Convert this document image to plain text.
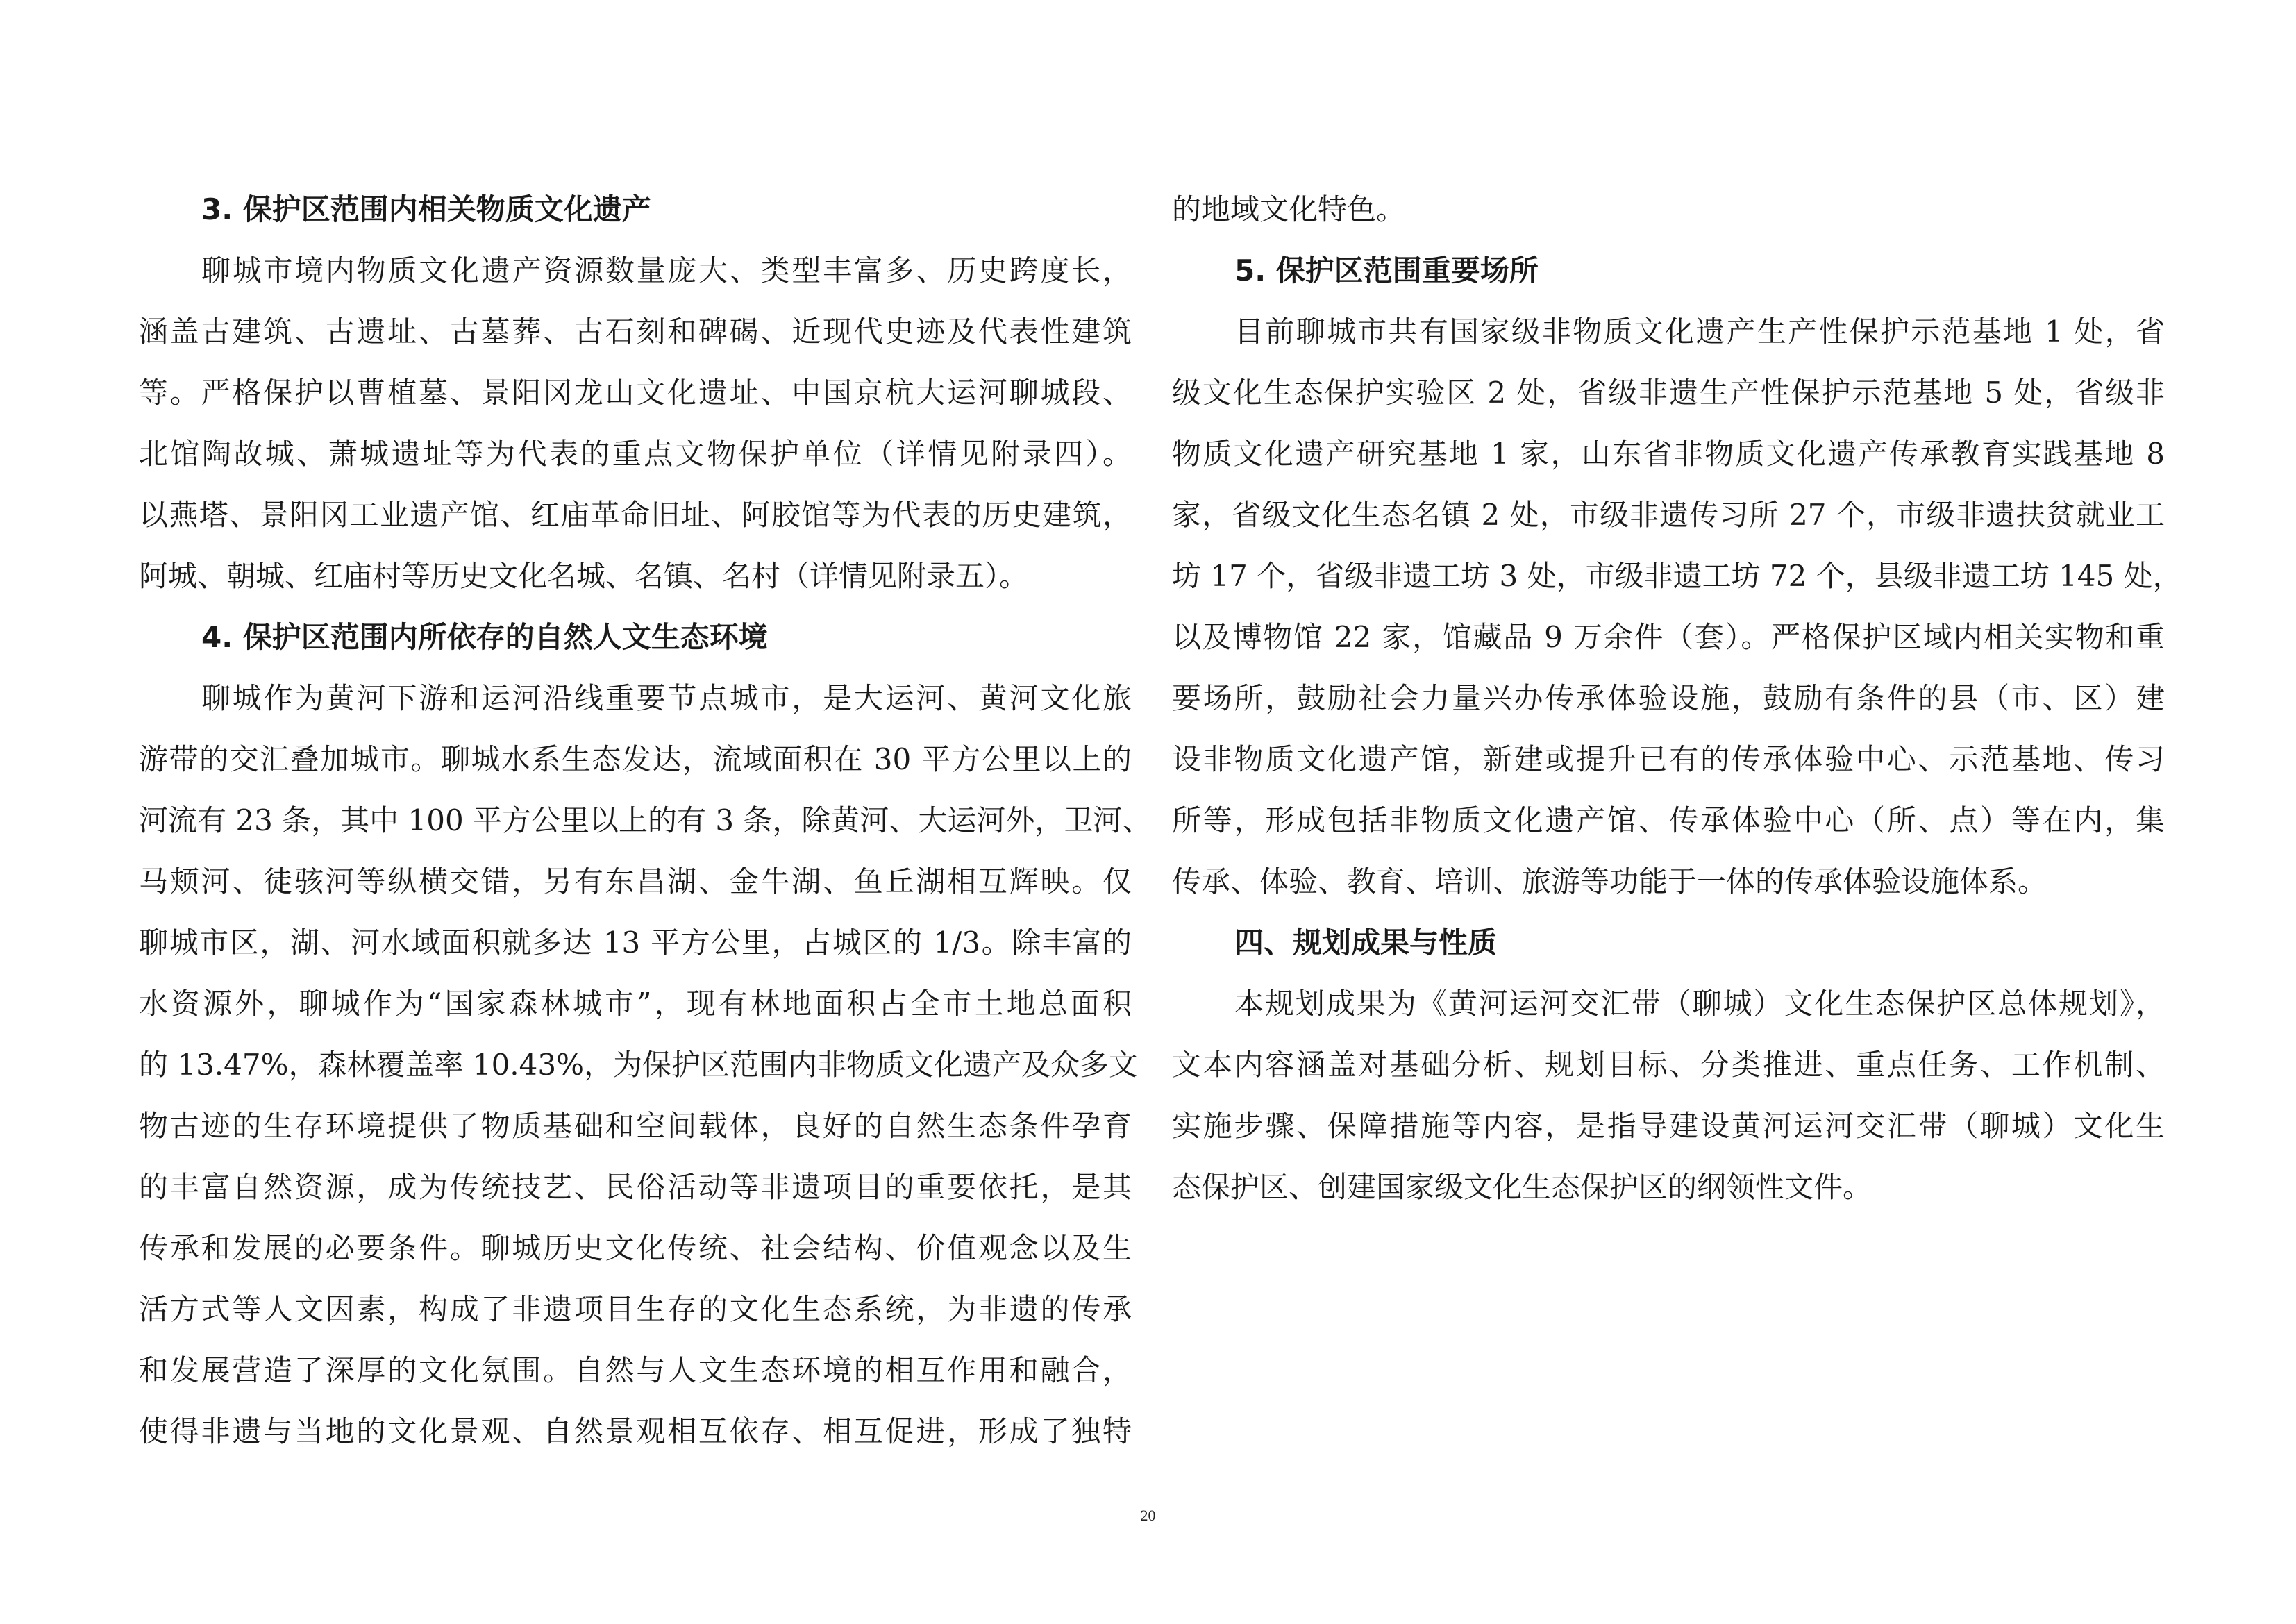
3. 保护区范围内相关物质文化遗产
聊城市境内物质文化遗产资源数量庞大、类型丰富多、历史跨度长，
涵盖古建筑、古遗址、古墓葬、古石刻和碑碣、近现代史迹及代表性建筑
等。严格保护以曹植墓、景阳冈龙山文化遗址、中国京杭大运河聊城段、
北馆陶故城、萧城遗址等为代表的重点文物保护单位（详情见附录四）。
以燕塔、景阳冈工业遗产馆、红庙革命旧址、阿胶馆等为代表的历史建筑，
阿城、朝城、红庙村等历史文化名城、名镇、名村（详情见附录五）。
4. 保护区范围内所依存的自然人文生态环境
聊城作为黄河下游和运河沿线重要节点城市，是大运河、黄河文化旅
游带的交汇叠加城市。聊城水系生态发达，流域面积在 30 平方公里以上的
河流有 23 条，其中 100 平方公里以上的有 3 条，除黄河、大运河外，卫河、
马颊河、徒骇河等纵横交错，另有东昌湖、金牛湖、鱼丘湖相互辉映。仅
聊城市区，湖、河水域面积就多达 13 平方公里，占城区的 1/3。除丰富的
水资源外，聊城作为“国家森林城市”，现有林地面积占全市土地总面积
的 13.47%，森林覆盖率 10.43%，为保护区范围内非物质文化遗产及众多文
物古迹的生存环境提供了物质基础和空间载体，良好的自然生态条件孕育
的丰富自然资源，成为传统技艺、民俗活动等非遗项目的重要依托，是其
传承和发展的必要条件。聊城历史文化传统、社会结构、价值观念以及生
活方式等人文因素，构成了非遗项目生存的文化生态系统，为非遗的传承
和发展营造了深厚的文化氛围。自然与人文生态环境的相互作用和融合，
使得非遗与当地的文化景观、自然景观相互依存、相互促进，形成了独特
的地域文化特色。
5. 保护区范围重要场所
目前聊城市共有国家级非物质文化遗产生产性保护示范基地 1 处，省
级文化生态保护实验区 2 处，省级非遗生产性保护示范基地 5 处，省级非
物质文化遗产研究基地 1 家，山东省非物质文化遗产传承教育实践基地 8
家，省级文化生态名镇 2 处，市级非遗传习所 27 个，市级非遗扶贫就业工
坊 17 个，省级非遗工坊 3 处，市级非遗工坊 72 个，县级非遗工坊 145 处，
以及博物馆 22 家，馆藏品 9 万余件（套）。严格保护区域内相关实物和重
要场所，鼓励社会力量兴办传承体验设施，鼓励有条件的县（市、区）建
设非物质文化遗产馆，新建或提升已有的传承体验中心、示范基地、传习
所等，形成包括非物质文化遗产馆、传承体验中心（所、点）等在内，集
传承、体验、教育、培训、旅游等功能于一体的传承体验设施体系。
四、规划成果与性质
本规划成果为《黄河运河交汇带（聊城）文化生态保护区总体规划》，
文本内容涵盖对基础分析、规划目标、分类推进、重点任务、工作机制、
实施步骤、保障措施等内容，是指导建设黄河运河交汇带（聊城）文化生
态保护区、创建国家级文化生态保护区的纲领性文件。
20
